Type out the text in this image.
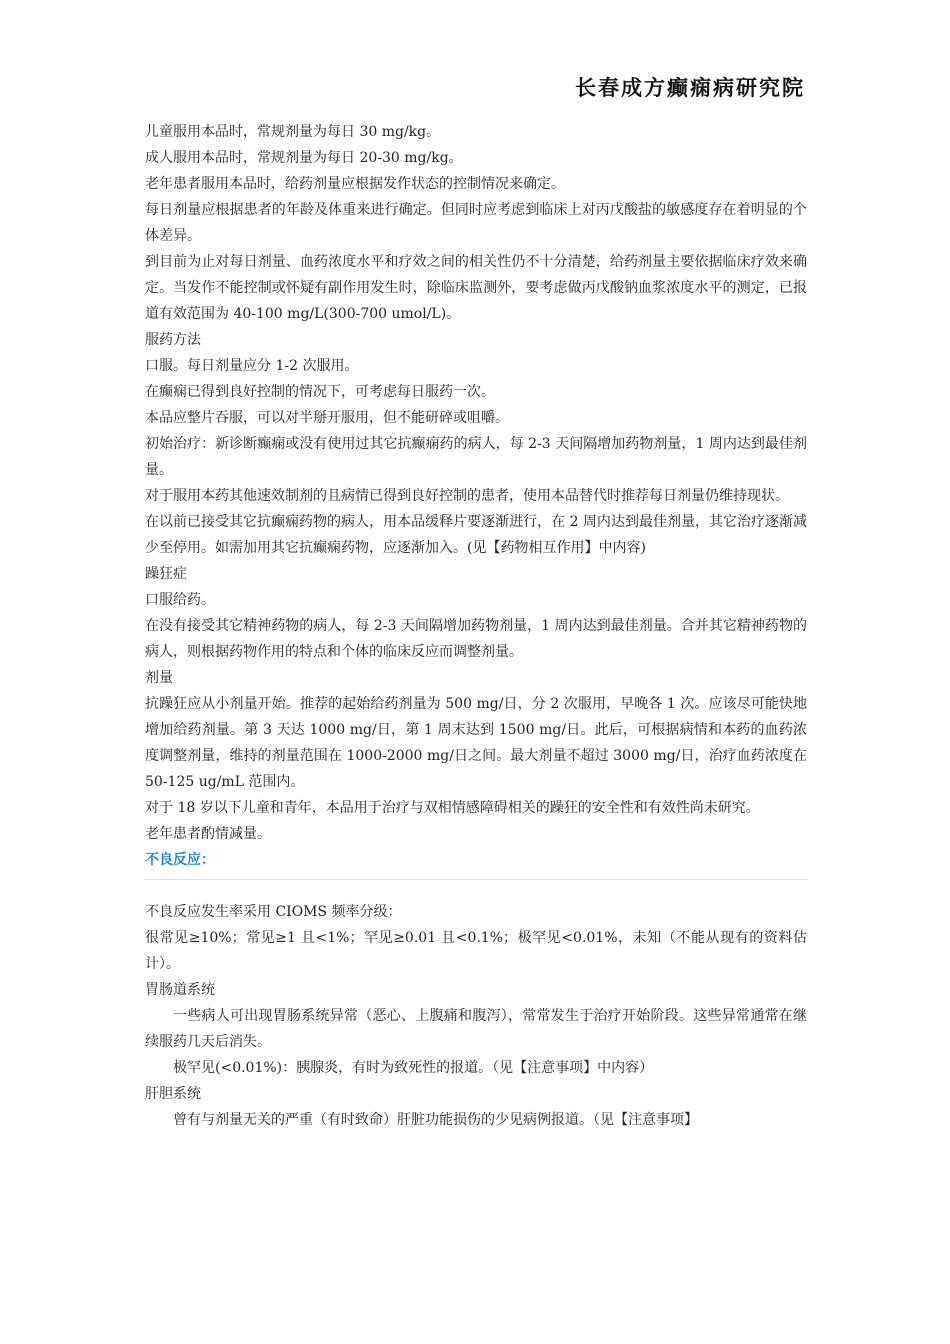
长春成方癫痫病研究院

儿童服用本品时，常规剂量为每日 30 mg/kg。

成人服用本品时，常规剂量为每日 20-30 mg/kg。

老年患者服用本品时，给药剂量应根据发作状态的控制情况来确定。

每日剂量应根据患者的年龄及体重来进行确定。但同时应考虑到临床上对丙戊酸盐的敏感度存在着明显的个体差异。

到目前为止对每日剂量、血药浓度水平和疗效之间的相关性仍不十分清楚，给药剂量主要依据临床疗效来确定。当发作不能控制或怀疑有副作用发生时，除临床监测外，要考虑做丙戊酸钠血浆浓度水平的测定，已报道有效范围为 40-100 mg/L(300-700 umol/L)。

服药方法

口服。每日剂量应分 1-2 次服用。

在癫痫已得到良好控制的情况下，可考虑每日服药一次。

本品应整片吞服，可以对半掰开服用，但不能研碎或咀嚼。

初始治疗：新诊断癫痫或没有使用过其它抗癫痫药的病人，每 2-3 天间隔增加药物剂量，1 周内达到最佳剂量。

对于服用本药其他速效制剂的且病情已得到良好控制的患者，使用本品替代时推荐每日剂量仍维持现状。

在以前已接受其它抗癫痫药物的病人，用本品缓释片要逐渐进行，在 2 周内达到最佳剂量，其它治疗逐渐减少至停用。如需加用其它抗癫痫药物，应逐渐加入。(见【药物相互作用】中内容)

躁狂症

口服给药。

在没有接受其它精神药物的病人，每 2-3 天间隔增加药物剂量，1 周内达到最佳剂量。合并其它精神药物的病人，则根据药物作用的特点和个体的临床反应而调整剂量。

剂量

抗躁狂应从小剂量开始。推荐的起始给药剂量为 500 mg/日，分 2 次服用，早晚各 1 次。应该尽可能快地增加给药剂量。第 3 天达 1000 mg/日，第 1 周末达到 1500 mg/日。此后，可根据病情和本药的血药浓度调整剂量，维持的剂量范围在 1000-2000 mg/日之间。最大剂量不超过 3000 mg/日，治疗血药浓度在 50-125 ug/mL 范围内。

对于 18 岁以下儿童和青年，本品用于治疗与双相情感障碍相关的躁狂的安全性和有效性尚未研究。

老年患者酌情减量。

不良反应：

不良反应发生率采用 CIOMS 频率分级：

很常见≥10%；常见≥1 且<1%；罕见≥0.01 且<0.1%；极罕见<0.01%，未知（不能从现有的资料估计）。

胃肠道系统

一些病人可出现胃肠系统异常（恶心、上腹痛和腹泻），常常发生于治疗开始阶段。这些异常通常在继续服药几天后消失。

极罕见(<0.01%)：胰腺炎，有时为致死性的报道。（见【注意事项】中内容）

肝胆系统

曾有与剂量无关的严重（有时致命）肝脏功能损伤的少见病例报道。（见【注意事项】
